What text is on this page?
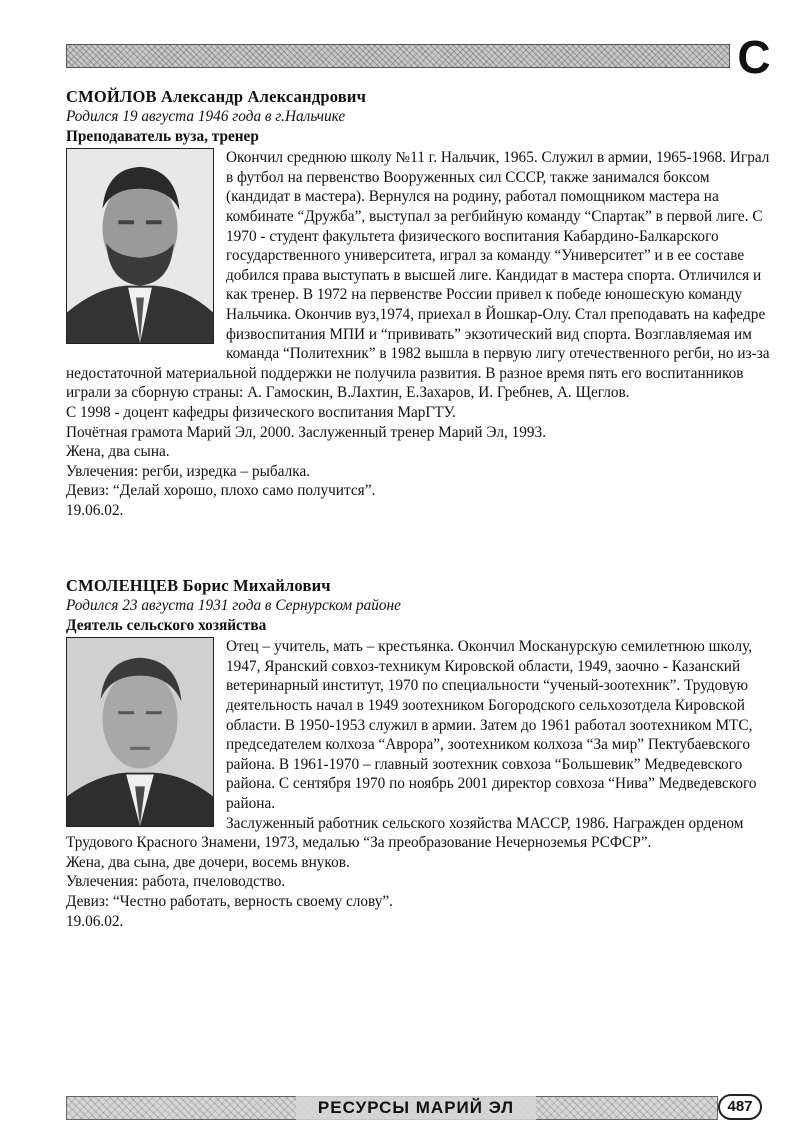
С
СМОЙЛОВ Александр Александрович
Родился 19 августа 1946 года в г.Нальчике
Преподаватель вуза, тренер

Окончил среднюю школу №11 г. Нальчик, 1965. Служил в армии, 1965-1968. Играл в футбол на первенство Вооруженных сил СССР, также занимался боксом (кандидат в мастера). Вернулся на родину, работал помощником мастера на комбинате “Дружба”, выступал за регбийную команду “Спартак” в первой лиге. С 1970 - студент факультета физического воспитания Кабардино-Балкарского государственного университета, играл за команду “Университет” и в ее составе добился права выступать в высшей лиге. Кандидат в мастера спорта. Отличился и как тренер. В 1972 на первенстве России привел к победе юношескую команду Нальчика. Окончив вуз,1974, приехал в Йошкар-Олу. Стал преподавать на кафедре физвоспитания МПИ и “прививать” экзотический вид спорта. Возглавляемая им команда “Политехник” в 1982 вышла в первую лигу отечественного регби, но из-за недостаточной материальной поддержки не получила развития. В разное время пять его воспитанников играли за сборную страны: А. Гамоскин, В.Лахтин, Е.Захаров, И. Гребнев, А. Щеглов.

С 1998 - доцент кафедры физического воспитания МарГТУ.

Почётная грамота Марий Эл, 2000. Заслуженный тренер Марий Эл, 1993.

Жена, два сына.

Увлечения: регби, изредка – рыбалка.

Девиз: “Делай хорошо, плохо само получится”.

19.06.02.

СМОЛЕНЦЕВ Борис Михайлович
Родился 23 августа 1931 года в Сернурском районе
Деятель сельского хозяйства

Отец – учитель, мать – крестьянка. Окончил Москанурскую семилетнюю школу, 1947, Яранский совхоз-техникум Кировской области, 1949, заочно - Казанский ветеринарный институт, 1970 по специальности “ученый-зоотехник”. Трудовую деятельность начал в 1949 зоотехником Богородского сельхозотдела Кировской области. В 1950-1953 служил в армии. Затем до 1961 работал зоотехником МТС, председателем колхоза “Аврора”, зоотехником колхоза “За мир” Пектубаевского района. В 1961-1970 – главный зоотехник совхоза “Большевик” Медведевского района. С сентября 1970 по ноябрь 2001 директор совхоза “Нива” Медведевского района.

Заслуженный работник сельского хозяйства МАССР, 1986. Награжден орденом Трудового Красного Знамени, 1973, медалью “За преобразование Нечерноземья РСФСР”.

Жена, два сына, две дочери, восемь внуков.

Увлечения: работа, пчеловодство.

Девиз: “Честно работать, верность своему слову”.

19.06.02.

РЕСУРСЫ МАРИЙ ЭЛ	487
